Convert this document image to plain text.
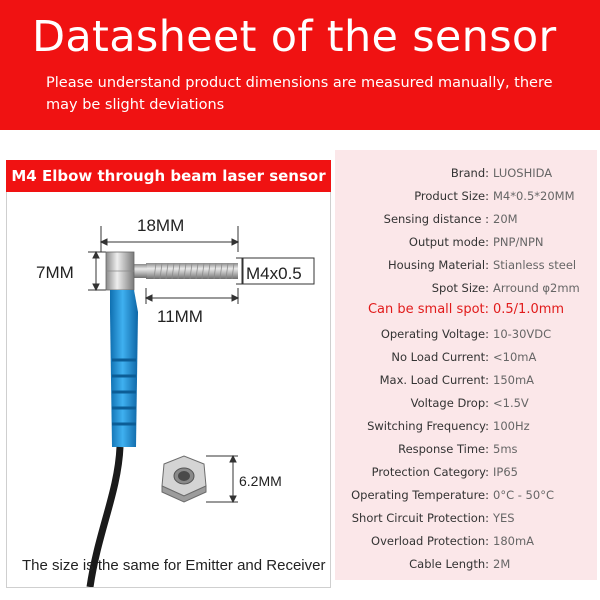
Datasheet of the sensor
Please understand product dimensions are measured manually, there may be slight deviations
M4 Elbow through beam laser sensor
18MM
7MM	M4x0.5
11MM
6.2MM
The size is the same for Emitter and Receiver
Brand: LUOSHIDA
Product Size: M4*0.5*20MM
Sensing distance : 20M
Output mode: PNP/NPN
Housing Material: Stianless steel
Spot Size: Arround φ2mm
Can be small spot: 0.5/1.0mm
Operating Voltage: 10-30VDC
No Load Current: <10mA
Max. Load Current: 150mA
Voltage Drop: <1.5V
Switching Frequency: 100Hz
Response Time: 5ms
Protection Category: IP65
Operating Temperature: 0°C - 50°C
Short Circuit Protection: YES
Overload Protection: 180mA
Cable Length: 2M
